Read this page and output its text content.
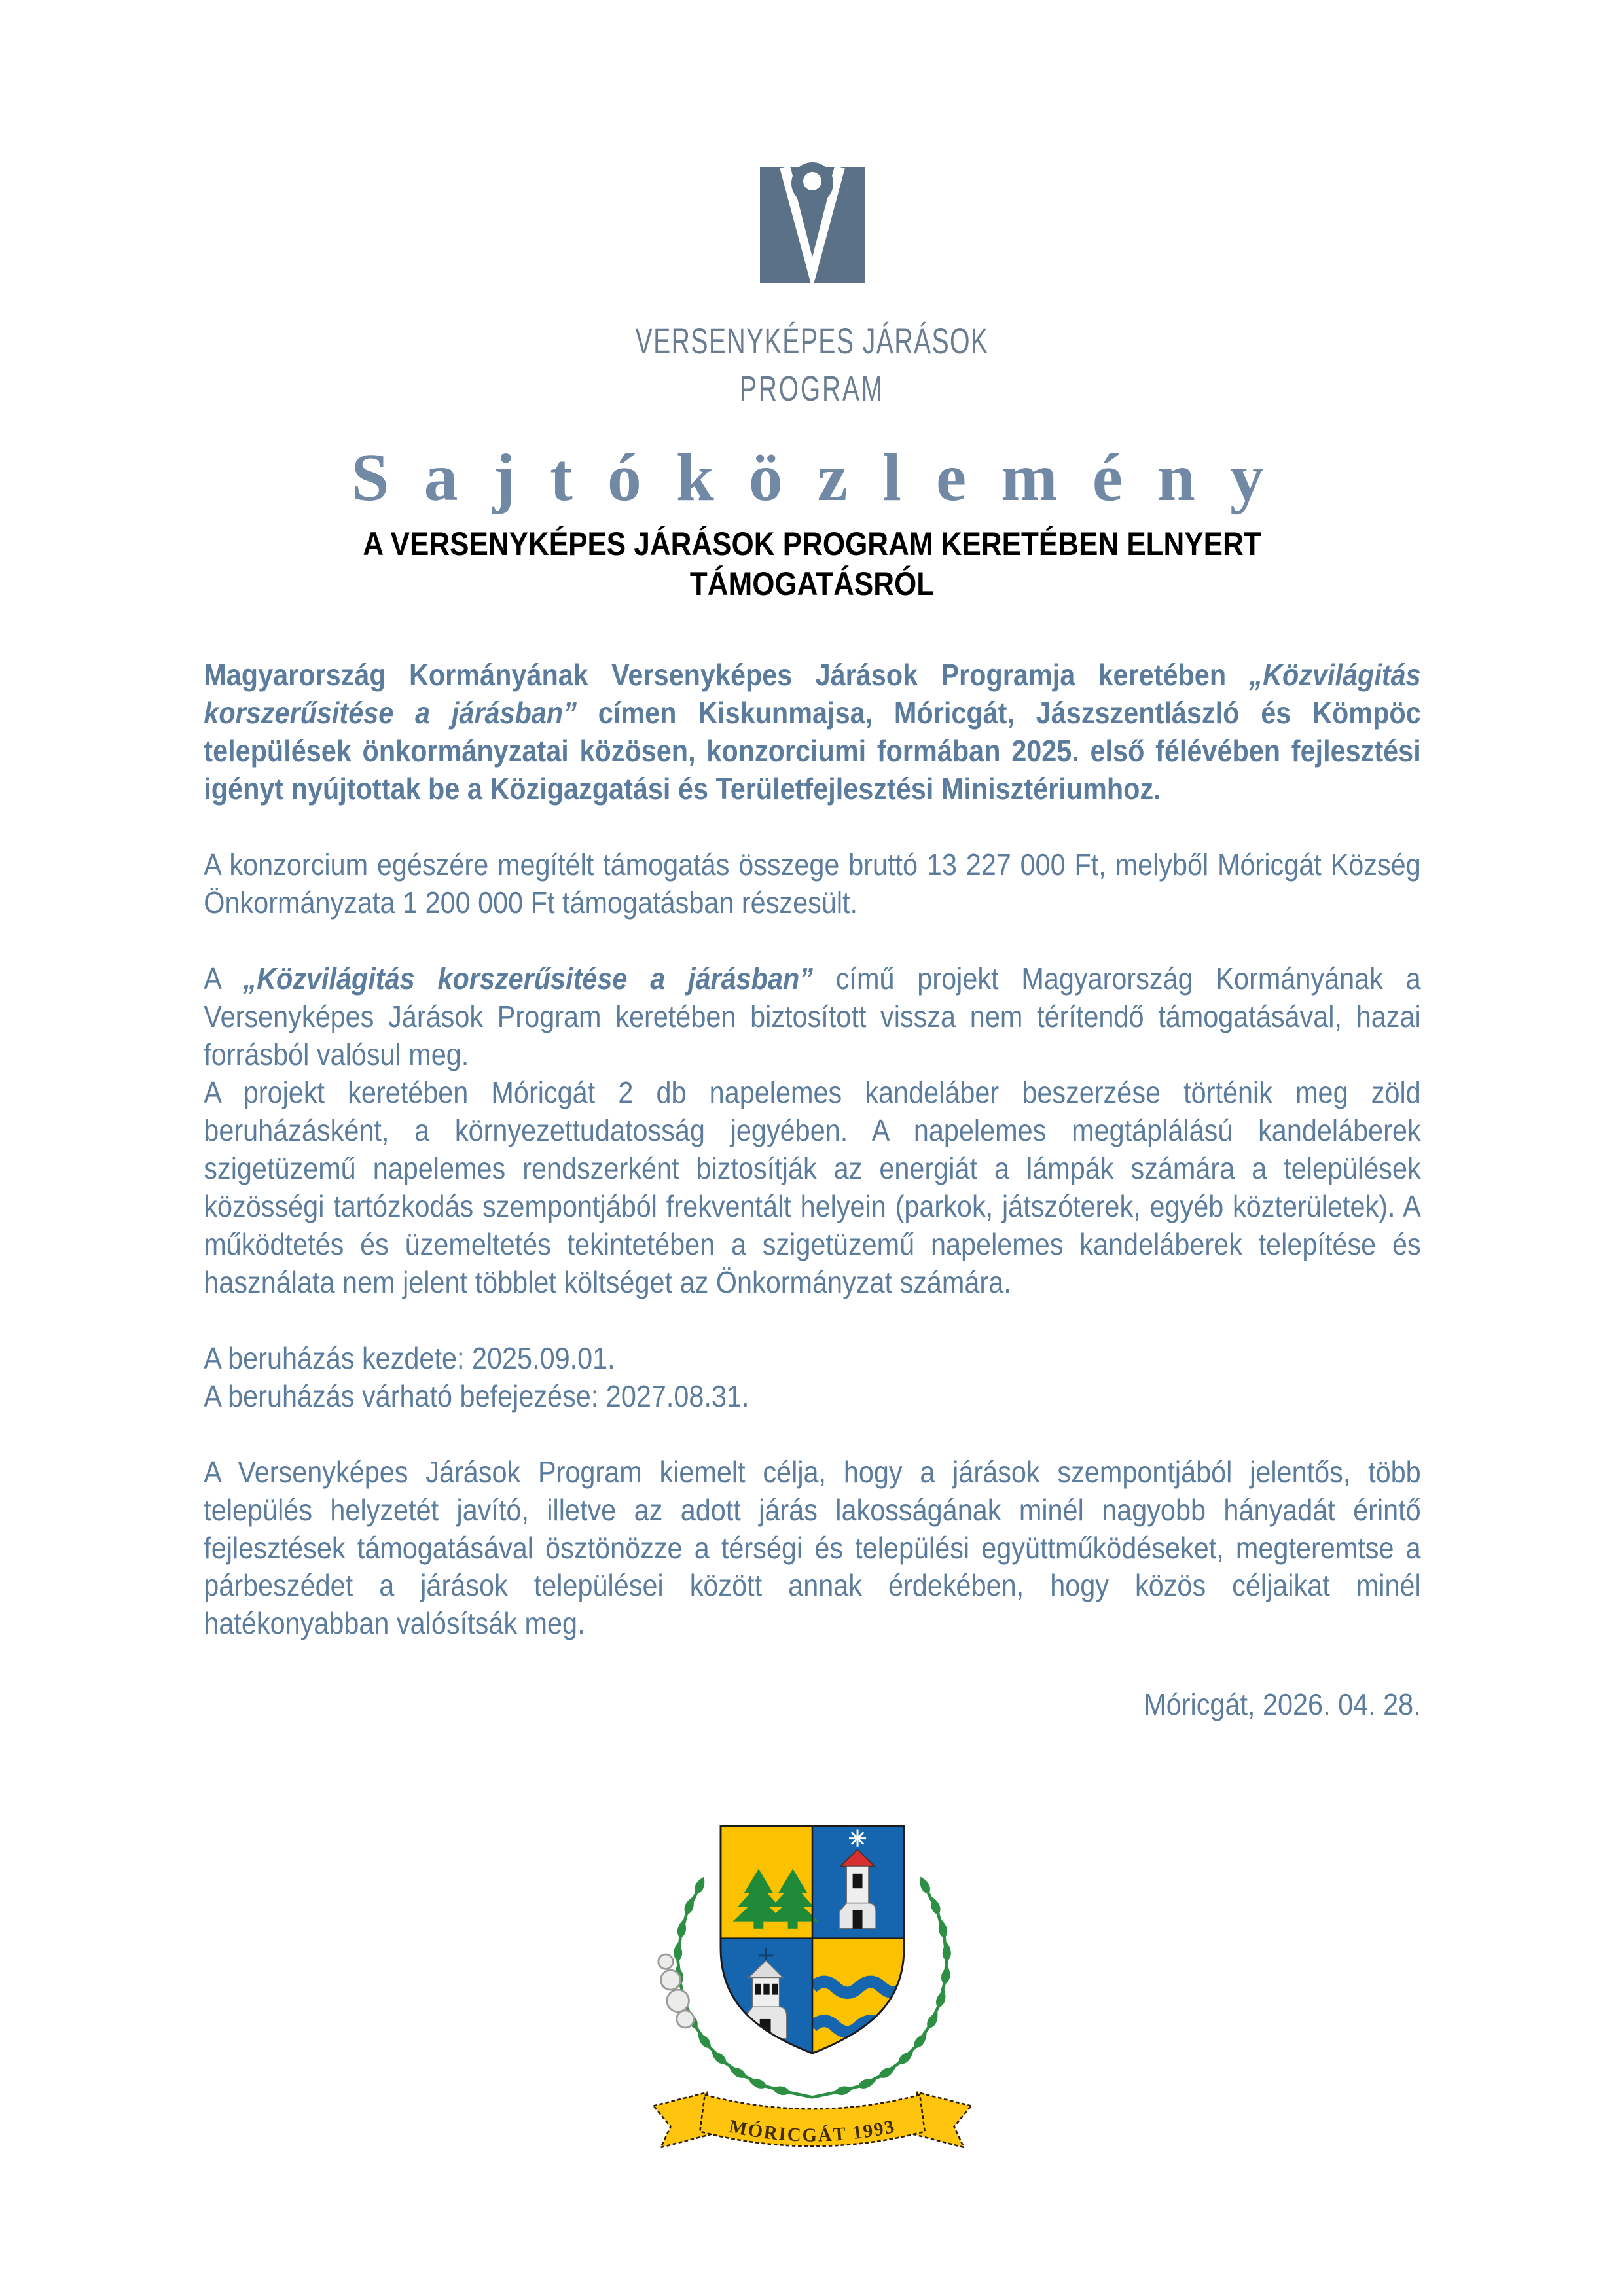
VERSENYKÉPES JÁRÁSOK
PROGRAM
S a j t ó k ö z l e m é n y
A VERSENYKÉPES JÁRÁSOK PROGRAM KERETÉBEN ELNYERT
TÁMOGATÁSRÓL

Magyarország Kormányának Versenyképes Járások Programja keretében „Közvilágitás korszerűsitése a járásban” címen Kiskunmajsa, Móricgát, Jászszentlászló és Kömpöc települések önkormányzatai közösen, konzorciumi formában 2025. első félévében fejlesztési igényt nyújtottak be a Közigazgatási és Területfejlesztési Minisztériumhoz.

A konzorcium egészére megítélt támogatás összege bruttó 13 227 000 Ft, melyből Móricgát Község Önkormányzata 1 200 000 Ft támogatásban részesült.

A „Közvilágitás korszerűsitése a járásban” című projekt Magyarország Kormányának a Versenyképes Járások Program keretében biztosított vissza nem térítendő támogatásával, hazai forrásból valósul meg.

A projekt keretében Móricgát 2 db napelemes kandeláber beszerzése történik meg zöld beruházásként, a környezettudatosság jegyében. A napelemes megtáplálású kandeláberek szigetüzemű napelemes rendszerként biztosítják az energiát a lámpák számára a települések közösségi tartózkodás szempontjából frekventált helyein (parkok, játszóterek, egyéb közterületek). A működtetés és üzemeltetés tekintetében a szigetüzemű napelemes kandeláberek telepítése és használata nem jelent többlet költséget az Önkormányzat számára.

A beruházás kezdete: 2025.09.01.

A beruházás várható befejezése: 2027.08.31.

A Versenyképes Járások Program kiemelt célja, hogy a járások szempontjából jelentős, több település helyzetét javító, illetve az adott járás lakosságának minél nagyobb hányadát érintő fejlesztések támogatásával ösztönözze a térségi és települési együttműködéseket, megteremtse a párbeszédet a járások települései között annak érdekében, hogy közös céljaikat minél hatékonyabban valósítsák meg.

Móricgát, 2026. 04. 28.

MÓRICGÁT 1993
